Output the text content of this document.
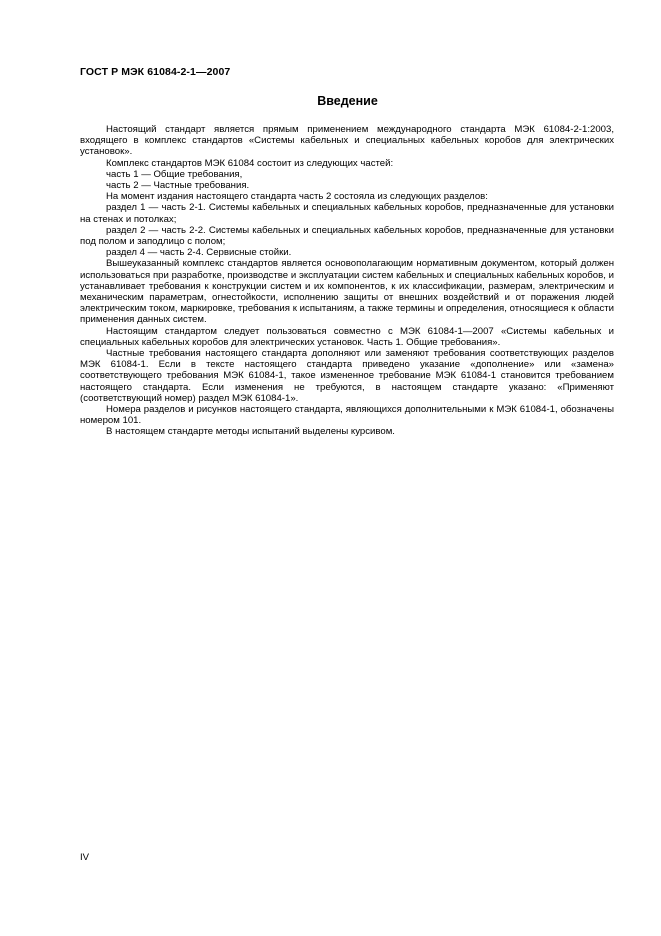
ГОСТ Р МЭК 61084-2-1—2007
Введение

Настоящий стандарт является прямым применением международного стандарта МЭК 61084-2-1:2003, входящего в комплекс стандартов «Системы кабельных и специальных кабельных коробов для электрических установок».

Комплекс стандартов МЭК 61084 состоит из следующих частей:

часть 1 — Общие требования,

часть 2 — Частные требования.

На момент издания настоящего стандарта часть 2 состояла из следующих разделов:

раздел 1 — часть 2-1. Системы кабельных и специальных кабельных коробов, предназначенные для установки на стенах и потолках;

раздел 2 — часть 2-2. Системы кабельных и специальных кабельных коробов, предназначенные для установки под полом и заподлицо с полом;

раздел 4 — часть 2-4. Сервисные стойки.

Вышеуказанный комплекс стандартов является основополагающим нормативным документом, который должен использоваться при разработке, производстве и эксплуатации систем кабельных и специальных кабельных коробов, и устанавливает требования к конструкции систем и их компонентов, к их классификации, размерам, электрическим и механическим параметрам, огнестойкости, исполнению защиты от внешних воздействий и от поражения людей электрическим током, маркировке, требования к испытаниям, а также термины и определения, относящиеся к области применения данных систем.

Настоящим стандартом следует пользоваться совместно с МЭК 61084-1—2007 «Системы кабельных и специальных кабельных коробов для электрических установок. Часть 1. Общие требования».

Частные требования настоящего стандарта дополняют или заменяют требования соответствующих разделов МЭК 61084-1. Если в тексте настоящего стандарта приведено указание «дополнение» или «замена» соответствующего требования МЭК 61084-1, такое измененное требование МЭК 61084-1 становится требованием настоящего стандарта. Если изменения не требуются, в настоящем стандарте указано: «Применяют (соответствующий номер) раздел МЭК 61084-1».

Номера разделов и рисунков настоящего стандарта, являющихся дополнительными к МЭК 61084-1, обозначены номером 101.

В настоящем стандарте методы испытаний выделены курсивом.

IV
